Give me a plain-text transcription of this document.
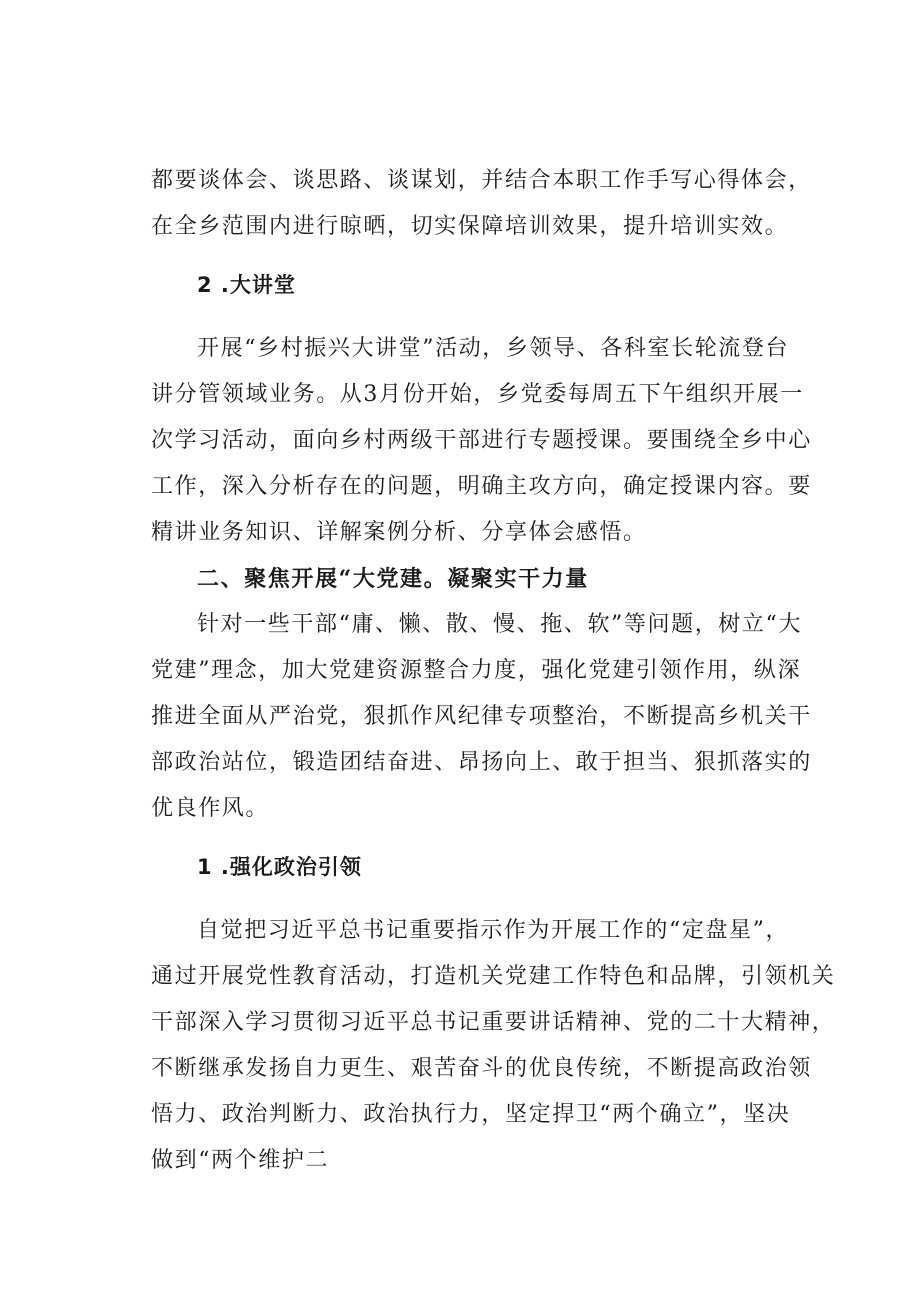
都要谈体会、谈思路、谈谋划，并结合本职工作手写心得体会，
在全乡范围内进行晾晒，切实保障培训效果，提升培训实效。
2 .大讲堂
开展“乡村振兴大讲堂”活动，乡领导、各科室长轮流登台
讲分管领域业务。从3月份开始，乡党委每周五下午组织开展一
次学习活动，面向乡村两级干部进行专题授课。要围绕全乡中心
工作，深入分析存在的问题，明确主攻方向，确定授课内容。要
精讲业务知识、详解案例分析、分享体会感悟。
二、聚焦开展“大党建。凝聚实干力量
针对一些干部“庸、懒、散、慢、拖、软”等问题，树立“大
党建”理念，加大党建资源整合力度，强化党建引领作用，纵深
推进全面从严治党，狠抓作风纪律专项整治，不断提高乡机关干
部政治站位，锻造团结奋进、昂扬向上、敢于担当、狠抓落实的
优良作风。
1 .强化政治引领
自觉把习近平总书记重要指示作为开展工作的“定盘星”，
通过开展党性教育活动，打造机关党建工作特色和品牌，引领机关
干部深入学习贯彻习近平总书记重要讲话精神、党的二十大精神，
不断继承发扬自力更生、艰苦奋斗的优良传统，不断提高政治领
悟力、政治判断力、政治执行力，坚定捍卫“两个确立”，坚决
做到“两个维护二
